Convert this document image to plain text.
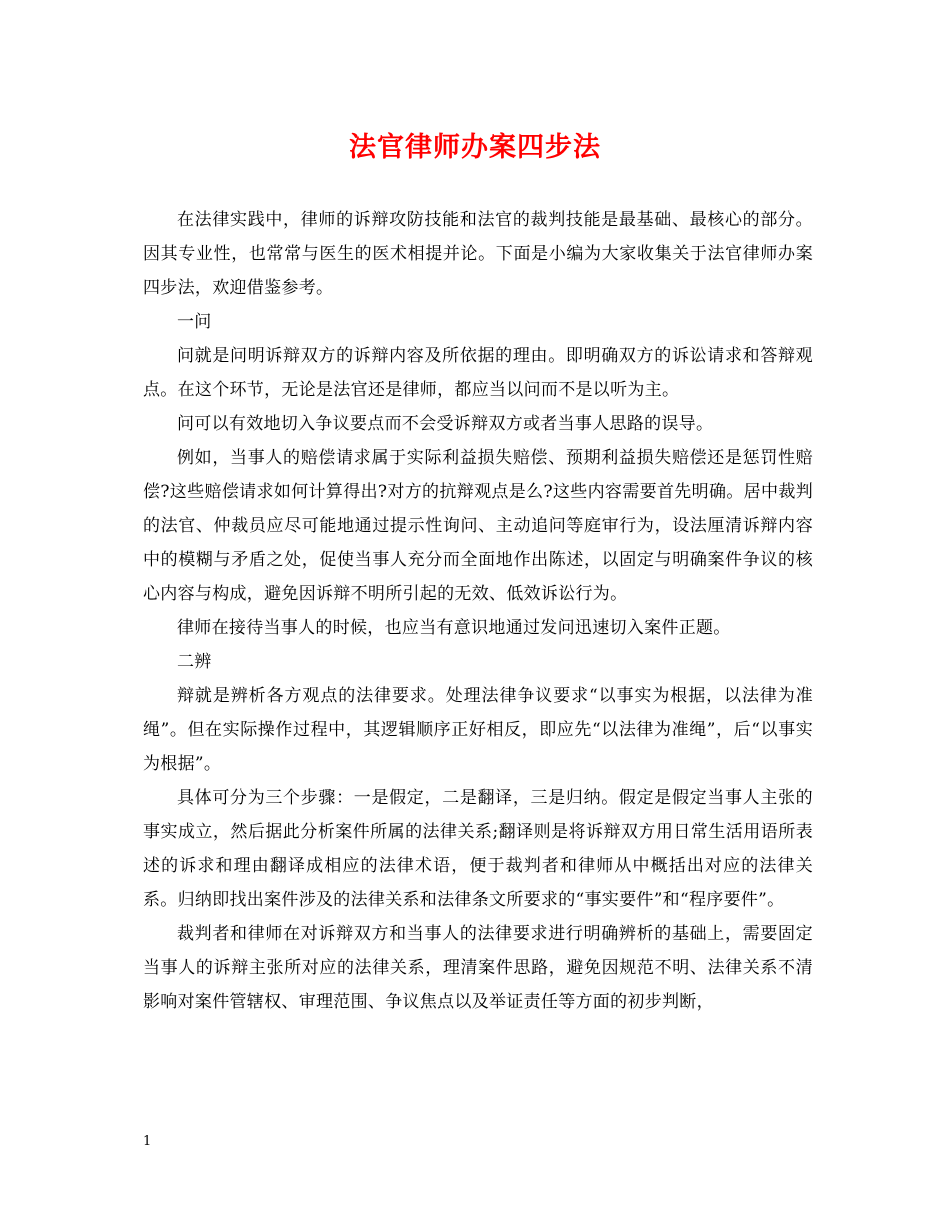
法官律师办案四步法

在法律实践中，律师的诉辩攻防技能和法官的裁判技能是最基础、最核心的部分。因其专业性，也常常与医生的医术相提并论。下面是小编为大家收集关于法官律师办案四步法，欢迎借鉴参考。

一问

问就是问明诉辩双方的诉辩内容及所依据的理由。即明确双方的诉讼请求和答辩观点。在这个环节，无论是法官还是律师，都应当以问而不是以听为主。

问可以有效地切入争议要点而不会受诉辩双方或者当事人思路的误导。

例如，当事人的赔偿请求属于实际利益损失赔偿、预期利益损失赔偿还是惩罚性赔偿?这些赔偿请求如何计算得出?对方的抗辩观点是么?这些内容需要首先明确。居中裁判的法官、仲裁员应尽可能地通过提示性询问、主动追问等庭审行为，设法厘清诉辩内容中的模糊与矛盾之处，促使当事人充分而全面地作出陈述，以固定与明确案件争议的核心内容与构成，避免因诉辩不明所引起的无效、低效诉讼行为。

律师在接待当事人的时候，也应当有意识地通过发问迅速切入案件正题。

二辨

辩就是辨析各方观点的法律要求。处理法律争议要求“以事实为根据，以法律为准绳”。但在实际操作过程中，其逻辑顺序正好相反，即应先“以法律为准绳”，后“以事实为根据”。

具体可分为三个步骤：一是假定，二是翻译，三是归纳。假定是假定当事人主张的事实成立，然后据此分析案件所属的法律关系;翻译则是将诉辩双方用日常生活用语所表述的诉求和理由翻译成相应的法律术语，便于裁判者和律师从中概括出对应的法律关系。归纳即找出案件涉及的法律关系和法律条文所要求的“事实要件”和“程序要件”。

裁判者和律师在对诉辩双方和当事人的法律要求进行明确辨析的基础上，需要固定当事人的诉辩主张所对应的法律关系，理清案件思路，避免因规范不明、法律关系不清影响对案件管辖权、审理范围、争议焦点以及举证责任等方面的初步判断，

1
